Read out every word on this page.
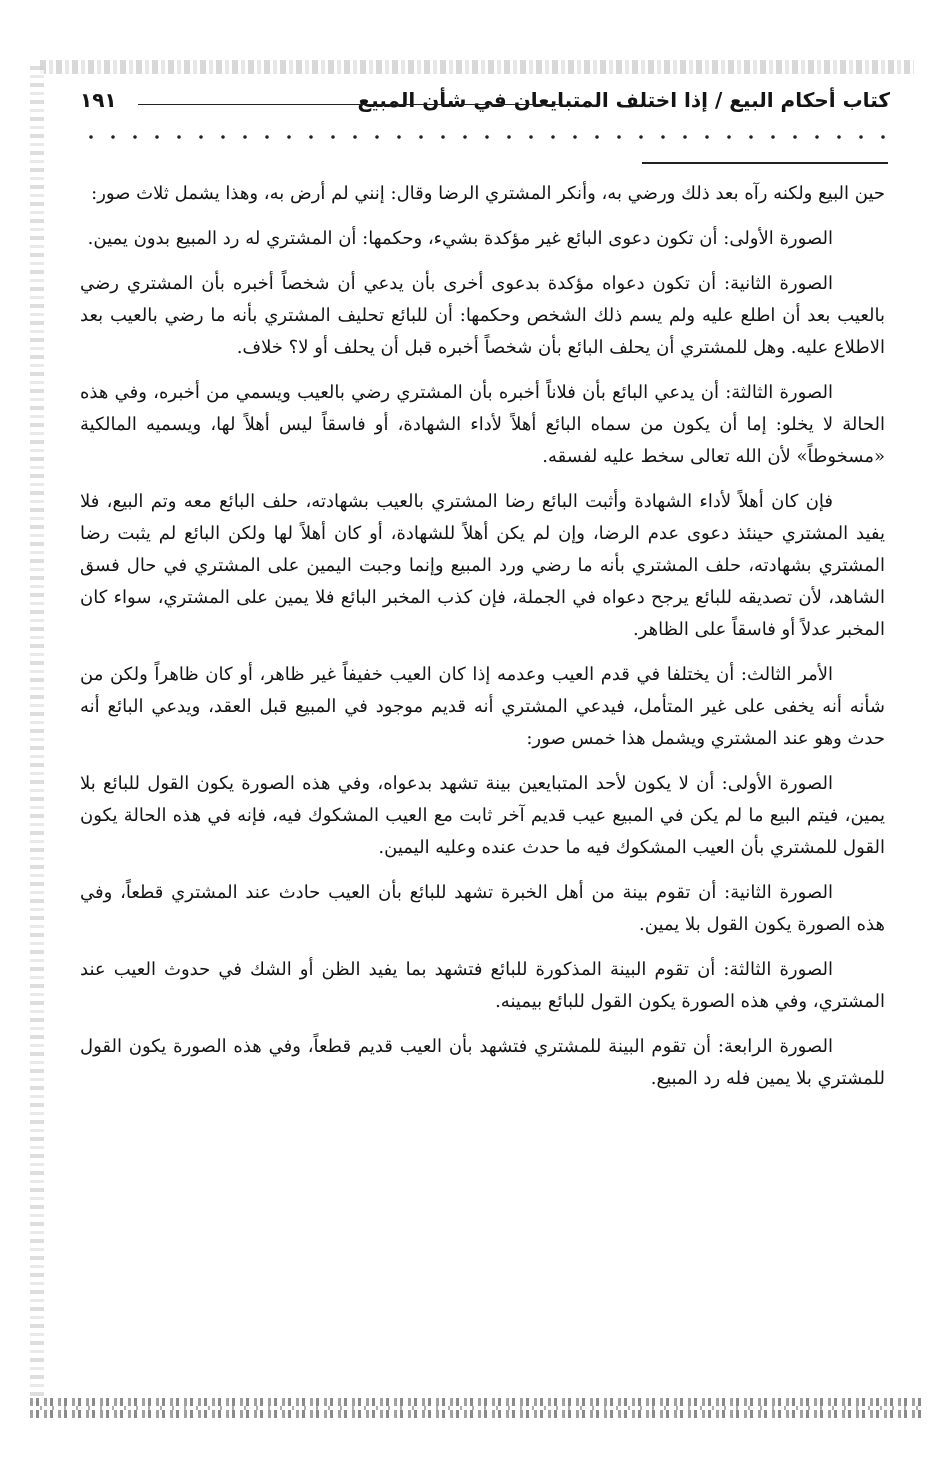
كتاب أحكام البيع / إذا اختلف المتبايعان في شأن المبيع
١٩١

حين البيع ولكنه رآه بعد ذلك ورضي به، وأنكر المشتري الرضا وقال: إنني لم أرض به، وهذا يشمل ثلاث صور:

الصورة الأولى: أن تكون دعوى البائع غير مؤكدة بشيء، وحكمها: أن المشتري له رد المبيع بدون يمين.

الصورة الثانية: أن تكون دعواه مؤكدة بدعوى أخرى بأن يدعي أن شخصاً أخبره بأن المشتري رضي بالعيب بعد أن اطلع عليه ولم يسم ذلك الشخص وحكمها: أن للبائع تحليف المشتري بأنه ما رضي بالعيب بعد الاطلاع عليه. وهل للمشتري أن يحلف البائع بأن شخصاً أخبره قبل أن يحلف أو لا؟ خلاف.

الصورة الثالثة: أن يدعي البائع بأن فلاناً أخبره بأن المشتري رضي بالعيب ويسمي من أخبره، وفي هذه الحالة لا يخلو: إما أن يكون من سماه البائع أهلاً لأداء الشهادة، أو فاسقاً ليس أهلاً لها، ويسميه المالكية «مسخوطاً» لأن الله تعالى سخط عليه لفسقه.

فإن كان أهلاً لأداء الشهادة وأثبت البائع رضا المشتري بالعيب بشهادته، حلف البائع معه وتم البيع، فلا يفيد المشتري حينئذ دعوى عدم الرضا، وإن لم يكن أهلاً للشهادة، أو كان أهلاً لها ولكن البائع لم يثبت رضا المشتري بشهادته، حلف المشتري بأنه ما رضي ورد المبيع وإنما وجبت اليمين على المشتري في حال فسق الشاهد، لأن تصديقه للبائع يرجح دعواه في الجملة، فإن كذب المخبر البائع فلا يمين على المشتري، سواء كان المخبر عدلاً أو فاسقاً على الظاهر.

الأمر الثالث: أن يختلفا في قدم العيب وعدمه إذا كان العيب خفيفاً غير ظاهر، أو كان ظاهراً ولكن من شأنه أنه يخفى على غير المتأمل، فيدعي المشتري أنه قديم موجود في المبيع قبل العقد، ويدعي البائع أنه حدث وهو عند المشتري ويشمل هذا خمس صور:

الصورة الأولى: أن لا يكون لأحد المتبايعين بينة تشهد بدعواه، وفي هذه الصورة يكون القول للبائع بلا يمين، فيتم البيع ما لم يكن في المبيع عيب قديم آخر ثابت مع العيب المشكوك فيه، فإنه في هذه الحالة يكون القول للمشتري بأن العيب المشكوك فيه ما حدث عنده وعليه اليمين.

الصورة الثانية: أن تقوم بينة من أهل الخبرة تشهد للبائع بأن العيب حادث عند المشتري قطعاً، وفي هذه الصورة يكون القول بلا يمين.

الصورة الثالثة: أن تقوم البينة المذكورة للبائع فتشهد بما يفيد الظن أو الشك في حدوث العيب عند المشتري، وفي هذه الصورة يكون القول للبائع بيمينه.

الصورة الرابعة: أن تقوم البينة للمشتري فتشهد بأن العيب قديم قطعاً، وفي هذه الصورة يكون القول للمشتري بلا يمين فله رد المبيع.
